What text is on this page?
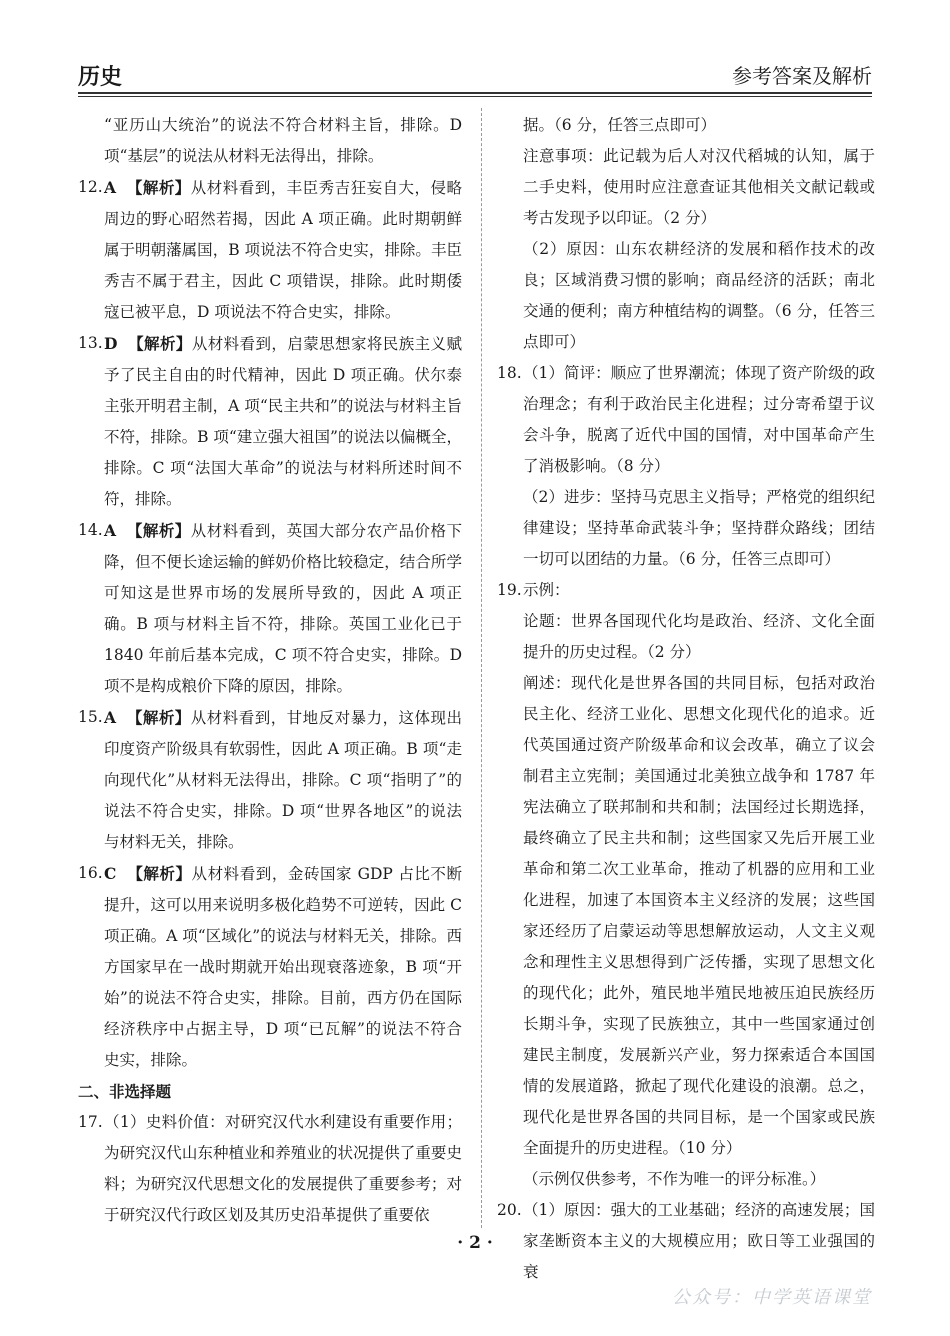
历史	参考答案及解析
“亚历山大统治”的说法不符合材料主旨，排除。D 项“基层”的说法从材料无法得出，排除。
12. A 【解析】从材料看到，丰臣秀吉狂妄自大，侵略周边的野心昭然若揭，因此 A 项正确。此时期朝鲜属于明朝藩属国，B 项说法不符合史实，排除。丰臣秀吉不属于君主，因此 C 项错误，排除。此时期倭寇已被平息，D 项说法不符合史实，排除。
13. D 【解析】从材料看到，启蒙思想家将民族主义赋予了民主自由的时代精神，因此 D 项正确。伏尔泰主张开明君主制，A 项“民主共和”的说法与材料主旨不符，排除。B 项“建立强大祖国”的说法以偏概全，排除。C 项“法国大革命”的说法与材料所述时间不符，排除。
14. A 【解析】从材料看到，英国大部分农产品价格下降，但不便长途运输的鲜奶价格比较稳定，结合所学可知这是世界市场的发展所导致的，因此 A 项正确。B 项与材料主旨不符，排除。英国工业化已于 1840 年前后基本完成，C 项不符合史实，排除。D 项不是构成粮价下降的原因，排除。
15. A 【解析】从材料看到，甘地反对暴力，这体现出印度资产阶级具有软弱性，因此 A 项正确。B 项“走向现代化”从材料无法得出，排除。C 项“指明了”的说法不符合史实，排除。D 项“世界各地区”的说法与材料无关，排除。
16. C 【解析】从材料看到，金砖国家 GDP 占比不断提升，这可以用来说明多极化趋势不可逆转，因此 C 项正确。A 项“区域化”的说法与材料无关，排除。西方国家早在一战时期就开始出现衰落迹象，B 项“开始”的说法不符合史实，排除。目前，西方仍在国际经济秩序中占据主导，D 项“已瓦解”的说法不符合史实，排除。
二、非选择题
17. （1）史料价值：对研究汉代水利建设有重要作用；为研究汉代山东种植业和养殖业的状况提供了重要史料；为研究汉代思想文化的发展提供了重要参考；对于研究汉代行政区划及其历史沿革提供了重要依
据。（6 分，任答三点即可）
注意事项：此记载为后人对汉代稻城的认知，属于二手史料，使用时应注意查证其他相关文献记载或考古发现予以印证。（2 分）
（2）原因：山东农耕经济的发展和稻作技术的改良；区域消费习惯的影响；商品经济的活跃；南北交通的便利；南方种植结构的调整。（6 分，任答三点即可）
18. （1）简评：顺应了世界潮流；体现了资产阶级的政治理念；有利于政治民主化进程；过分寄希望于议会斗争，脱离了近代中国的国情，对中国革命产生了消极影响。（8 分）
（2）进步：坚持马克思主义指导；严格党的组织纪律建设；坚持革命武装斗争；坚持群众路线；团结一切可以团结的力量。（6 分，任答三点即可）
19. 示例：
论题：世界各国现代化均是政治、经济、文化全面提升的历史过程。（2 分）
阐述：现代化是世界各国的共同目标，包括对政治民主化、经济工业化、思想文化现代化的追求。近代英国通过资产阶级革命和议会改革，确立了议会制君主立宪制；美国通过北美独立战争和 1787 年宪法确立了联邦制和共和制；法国经过长期选择，最终确立了民主共和制；这些国家又先后开展工业革命和第二次工业革命，推动了机器的应用和工业化进程，加速了本国资本主义经济的发展；这些国家还经历了启蒙运动等思想解放运动，人文主义观念和理性主义思想得到广泛传播，实现了思想文化的现代化；此外，殖民地半殖民地被压迫民族经历长期斗争，实现了民族独立，其中一些国家通过创建民主制度，发展新兴产业，努力探索适合本国国情的发展道路，掀起了现代化建设的浪潮。总之，现代化是世界各国的共同目标，是一个国家或民族全面提升的历史进程。（10 分）
（示例仅供参考，不作为唯一的评分标准。）
20. （1）原因：强大的工业基础；经济的高速发展；国家垄断资本主义的大规模应用；欧日等工业强国的衰
· 2 ·
公众号：中学英语课堂
